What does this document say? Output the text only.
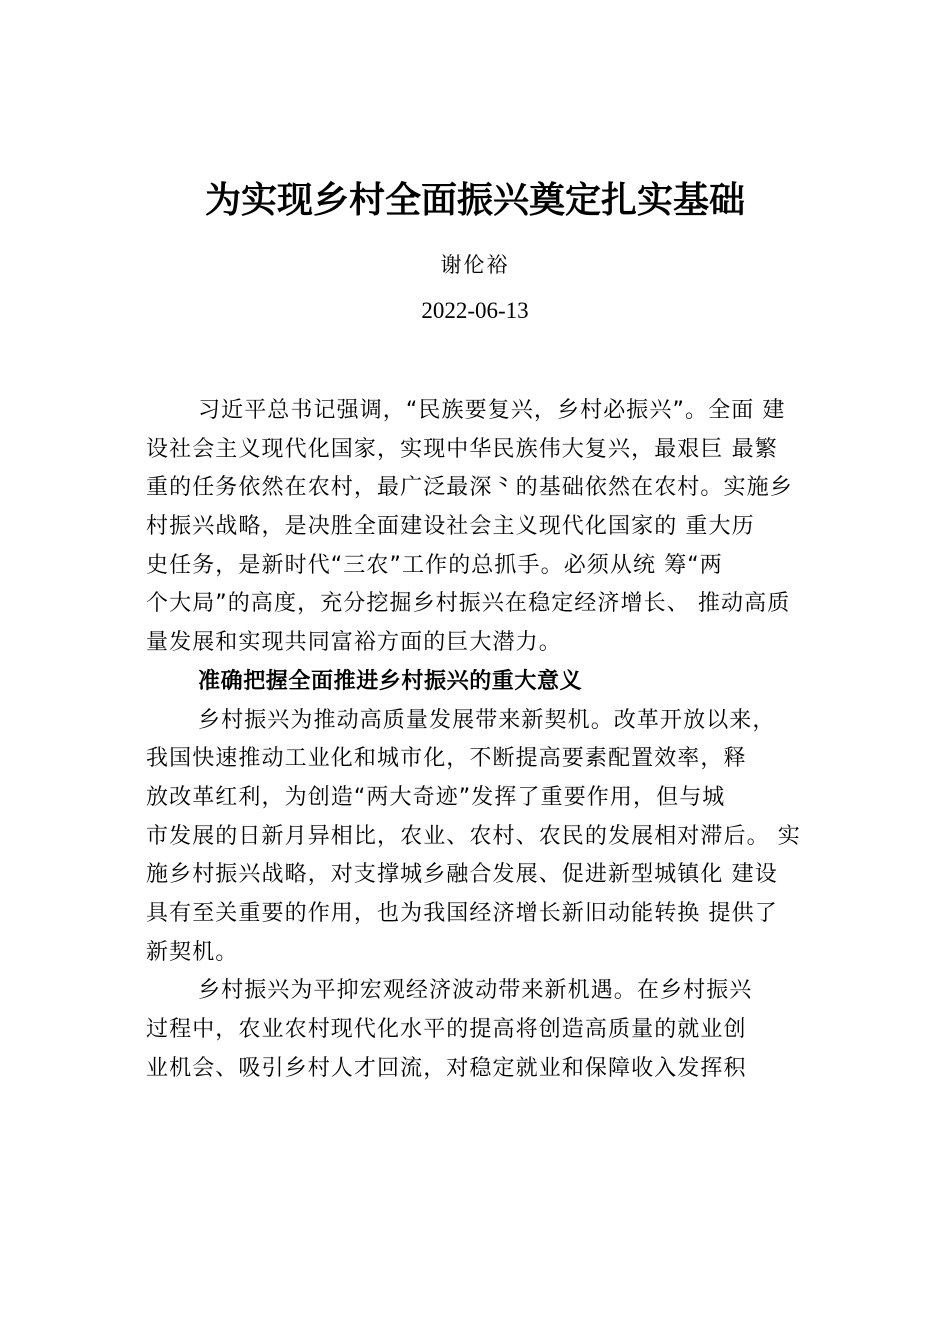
为实现乡村全面振兴奠定扎实基础
谢伦裕
2022-06-13

习近平总书记强调，“民族要复兴，乡村必振兴”。全面 建

设社会主义现代化国家，实现中华民族伟大复兴，最艰巨 最繁

重的任务依然在农村，最广泛最深⺀的基础依然在农村。实施乡

村振兴战略，是决胜全面建设社会主义现代化国家的 重大历

史任务，是新时代“三农”工作的总抓手。必须从统 筹“两

个大局”的高度，充分挖掘乡村振兴在稳定经济增长、 推动高质

量发展和实现共同富裕方面的巨大潜力。

准确把握全面推进乡村振兴的重大意义

乡村振兴为推动高质量发展带来新契机。改革开放以来，

我国快速推动工业化和城市化，不断提高要素配置效率，释

放改革红利，为创造“两大奇迹”发挥了重要作用，但与城

市发展的日新月异相比，农业、农村、农民的发展相对滞后。 实

施乡村振兴战略，对支撑城乡融合发展、促进新型城镇化 建设

具有至关重要的作用，也为我国经济增长新旧动能转换 提供了

新契机。

乡村振兴为平抑宏观经济波动带来新机遇。在乡村振兴

过程中，农业农村现代化水平的提高将创造高质量的就业创

业机会、吸引乡村人才回流，对稳定就业和保障收入发挥积
